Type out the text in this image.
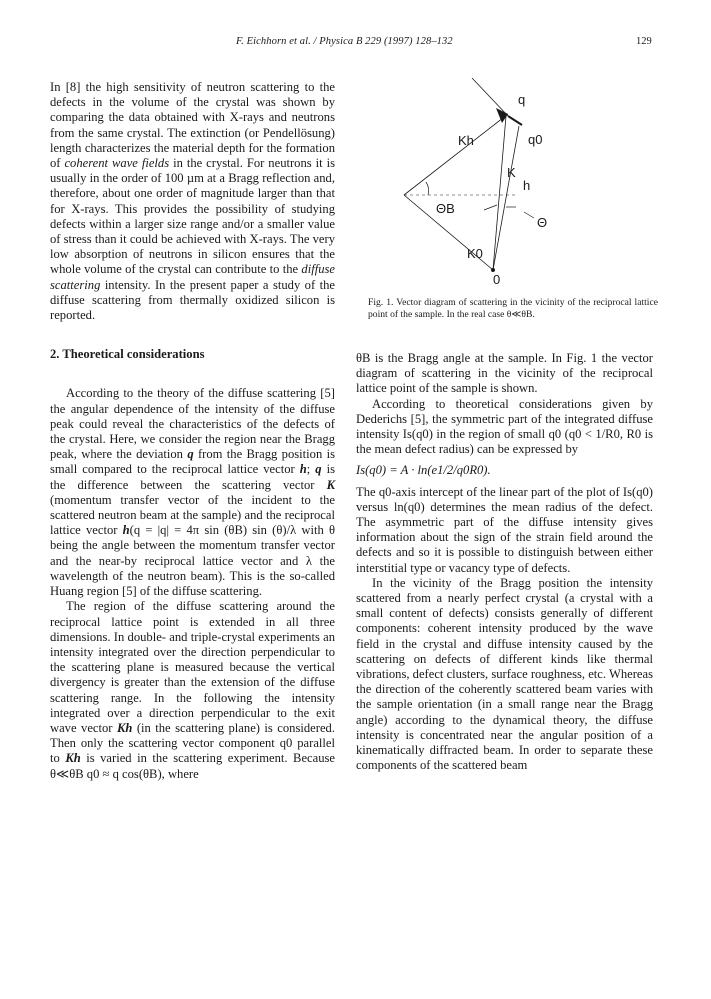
F. Eichhorn et al. / Physica B 229 (1997) 128–132	129

In [8] the high sensitivity of neutron scattering to the defects in the volume of the crystal was shown by comparing the data obtained with X-rays and neutrons from the same crystal. The extinction (or Pendellösung) length characterizes the material depth for the formation of coherent wave fields in the crystal. For neutrons it is usually in the order of 100 µm at a Bragg reflection and, therefore, about one order of magnitude larger than that for X-rays. This provides the possibility of studying defects within a larger size range and/or a smaller value of stress than it could be achieved with X-rays. The very low absorption of neutrons in silicon ensures that the whole volume of the crystal can contribute to the diffuse scattering intensity. In the present paper a study of the diffuse scattering from thermally oxidized silicon is reported.

2. Theoretical considerations

According to the theory of the diffuse scattering [5] the angular dependence of the intensity of the diffuse peak could reveal the characteristics of the defects of the crystal. Here, we consider the region near the Bragg peak, where the deviation q from the Bragg position is small compared to the reciprocal lattice vector h; q is the difference between the scattering vector K (momentum transfer vector of the incident to the scattered neutron beam at the sample) and the reciprocal lattice vector h(q = |q| = 4π sin (θB) sin (θ)/λ with θ being the angle between the momentum transfer vector and the near-by reciprocal lattice vector and λ the wavelength of the neutron beam). This is the so-called Huang region [5] of the diffuse scattering.

The region of the diffuse scattering around the reciprocal lattice point is extended in all three dimensions. In double- and triple-crystal experiments an intensity integrated over the direction perpendicular to the scattering plane is measured because the vertical divergency is greater than the extension of the diffuse scattering range. In the following the intensity integrated over a direction perpendicular to the exit wave vector Kh (in the scattering plane) is considered. Then only the scattering vector component q0 parallel to Kh is varied in the scattering experiment. Because θ≪θB q0 ≈ q cos(θB), where

q
Kh	q0
K
h
ΘB
Θ
K0
0
Fig. 1. Vector diagram of scattering in the vicinity of the reciprocal lattice point of the sample. In the real case θ≪θB.

θB is the Bragg angle at the sample. In Fig. 1 the vector diagram of scattering in the vicinity of the reciprocal lattice point of the sample is shown.

According to theoretical considerations given by Dederichs [5], the symmetric part of the integrated diffuse intensity Is(q0) in the region of small q0 (q0 < 1/R0, R0 is the mean defect radius) can be expressed by

Is(q0) = A · ln(e1/2/q0R0).

The q0-axis intercept of the linear part of the plot of Is(q0) versus ln(q0) determines the mean radius of the defect. The asymmetric part of the diffuse intensity gives information about the sign of the strain field around the defects and so it is possible to distinguish between either interstitial type or vacancy type of defects.

In the vicinity of the Bragg position the intensity scattered from a nearly perfect crystal (a crystal with a small content of defects) consists generally of different components: coherent intensity produced by the wave field in the crystal and diffuse intensity caused by the scattering on defects of different kinds like thermal vibrations, defect clusters, surface roughness, etc. Whereas the direction of the coherently scattered beam varies with the sample orientation (in a small range near the Bragg angle) according to the dynamical theory, the diffuse intensity is concentrated near the angular position of a kinematically diffracted beam. In order to separate these components of the scattered beam
